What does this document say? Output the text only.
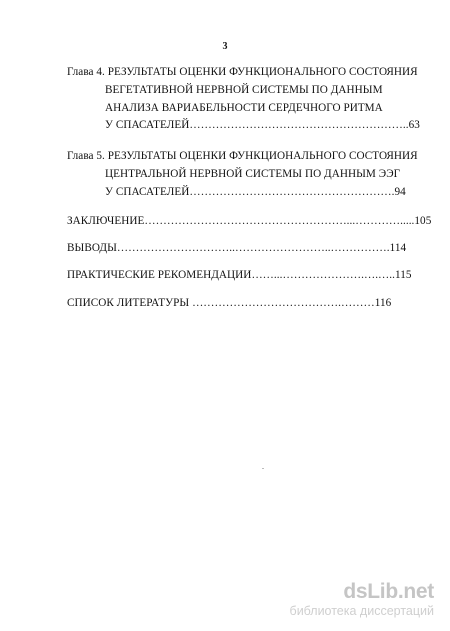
3
Глава 4. РЕЗУЛЬТАТЫ ОЦЕНКИ ФУНКЦИОНАЛЬНОГО СОСТОЯНИЯ
ВЕГЕТАТИВНОЙ НЕРВНОЙ СИСТЕМЫ ПО ДАННЫМ
АНАЛИЗА ВАРИАБЕЛЬНОСТИ СЕРДЕЧНОГО РИТМА
У СПАСАТЕЛЕЙ…………………………………………………..63
Глава 5. РЕЗУЛЬТАТЫ ОЦЕНКИ ФУНКЦИОНАЛЬНОГО СОСТОЯНИЯ
ЦЕНТРАЛЬНОЙ НЕРВНОЙ СИСТЕМЫ ПО ДАННЫМ ЭЭГ
У СПАСАТЕЛЕЙ……………………………………………….94
ЗАКЛЮЧЕНИЕ………………………………………………...………….....105
ВЫВОДЫ…………………………..……………………..…………….114
ПРАКТИЧЕСКИЕ РЕКОМЕНДАЦИИ……...………………….….…..115
СПИСОК ЛИТЕРАТУРЫ ………………………………….………116
dsLib.net
библиотека диссертаций
